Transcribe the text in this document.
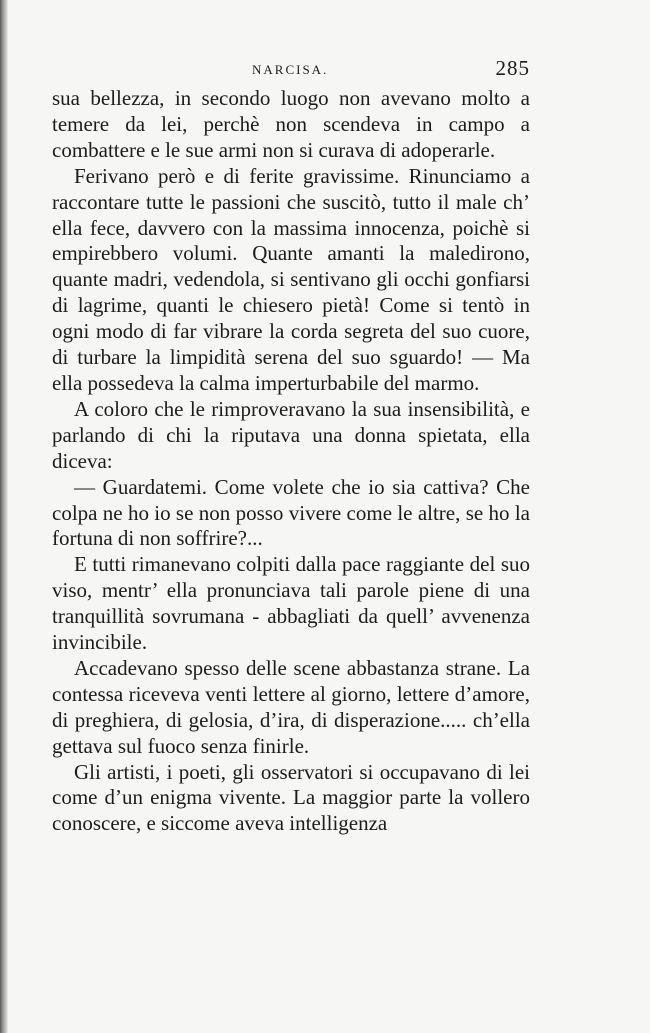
NARCISA.	285

sua bellezza, in secondo luogo non avevano molto a temere da lei, perchè non scendeva in campo a combattere e le sue armi non si curava di adoperarle.

Ferivano però e di ferite gravissime. Rinunciamo a raccontare tutte le passioni che suscitò, tutto il male ch’ ella fece, davvero con la massima innocenza, poichè si empirebbero volumi. Quante amanti la maledirono, quante madri, vedendola, si sentivano gli occhi gonfiarsi di lagrime, quanti le chiesero pietà! Come si tentò in ogni modo di far vibrare la corda segreta del suo cuore, di turbare la limpidità serena del suo sguardo! — Ma ella possedeva la calma imperturbabile del marmo.

A coloro che le rimproveravano la sua insensibilità, e parlando di chi la riputava una donna spietata, ella diceva:

— Guardatemi. Come volete che io sia cattiva? Che colpa ne ho io se non posso vivere come le altre, se ho la fortuna di non soffrire?...

E tutti rimanevano colpiti dalla pace raggiante del suo viso, mentr’ ella pronunciava tali parole piene di una tranquillità sovrumana - abbagliati da quell’ avvenenza invincibile.

Accadevano spesso delle scene abbastanza strane. La contessa riceveva venti lettere al giorno, lettere d’amore, di preghiera, di gelosia, d’ira, di disperazione..... ch’ella gettava sul fuoco senza finirle.

Gli artisti, i poeti, gli osservatori si occupavano di lei come d’un enigma vivente. La maggior parte la vollero conoscere, e siccome aveva intelligenza
